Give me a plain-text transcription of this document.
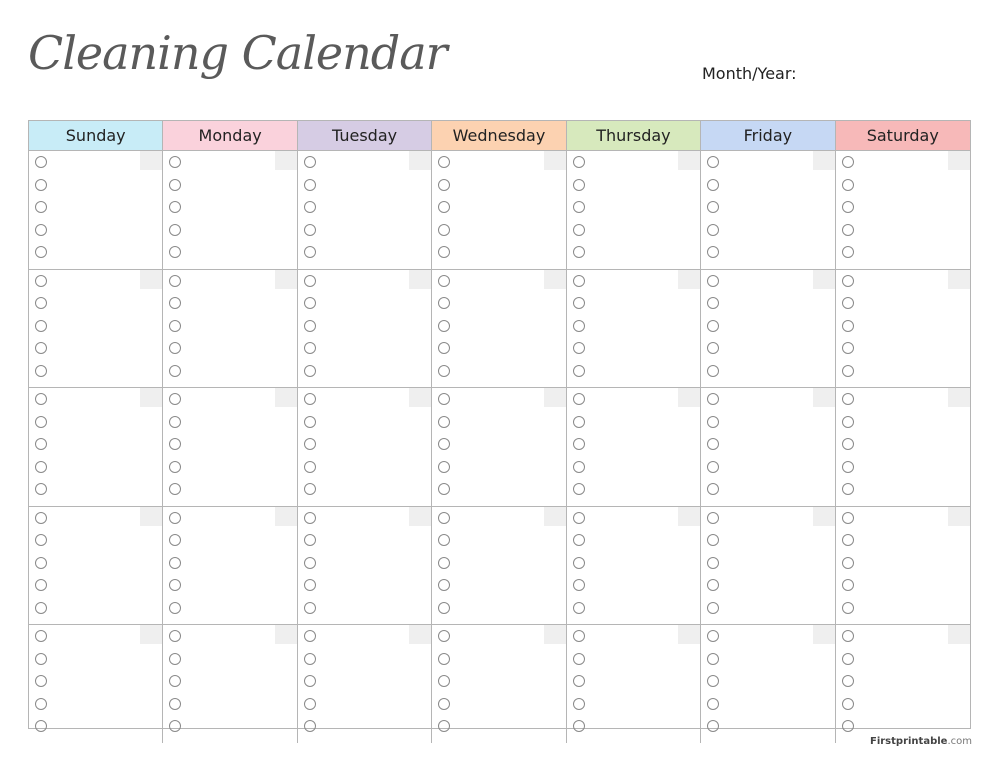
Cleaning Calendar	Month/Year:
Sunday	Monday	Tuesday	Wednesday	Thursday	Friday	Saturday
Firstprintable.com
